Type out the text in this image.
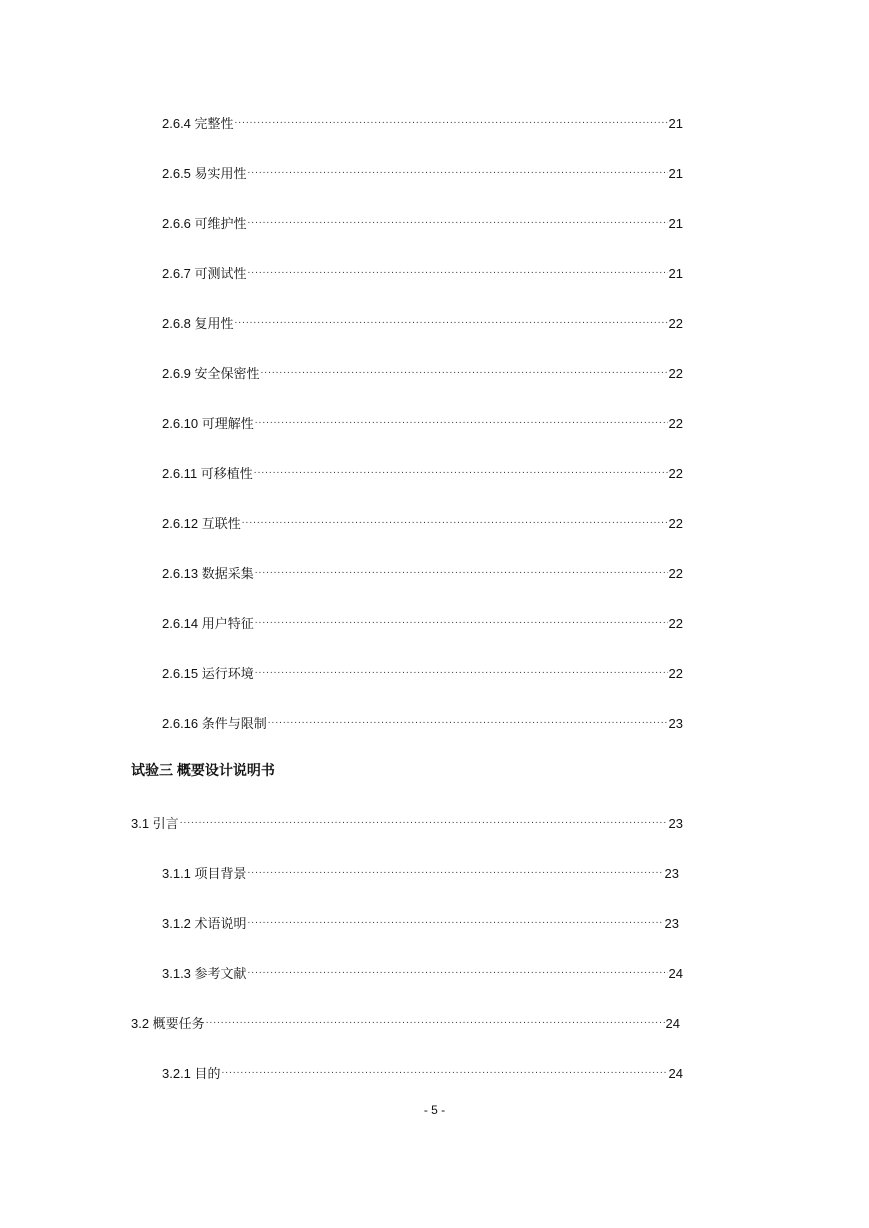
2.6.4 完整性 .....	21
2.6.5 易实用性 .....	21
2.6.6 可维护性 .....	21
2.6.7 可测试性 .....	21
2.6.8 复用性 .....	22
2.6.9 安全保密性 .....	22
2.6.10 可理解性 .....	22
2.6.11 可移植性 .....	22
2.6.12 互联性 .....	22
2.6.13 数据采集 .....	22
2.6.14 用户特征 .....	22
2.6.15 运行环境 .....	22
2.6.16 条件与限制 .....	23
试验三 概要设计说明书
3.1 引言 .....	23
3.1.1 项目背景 .....	23
3.1.2 术语说明 .....	23
3.1.3 参考文献 .....	24
3.2 概要任务 .....	24
3.2.1 目的 .....	24
- 5 -
